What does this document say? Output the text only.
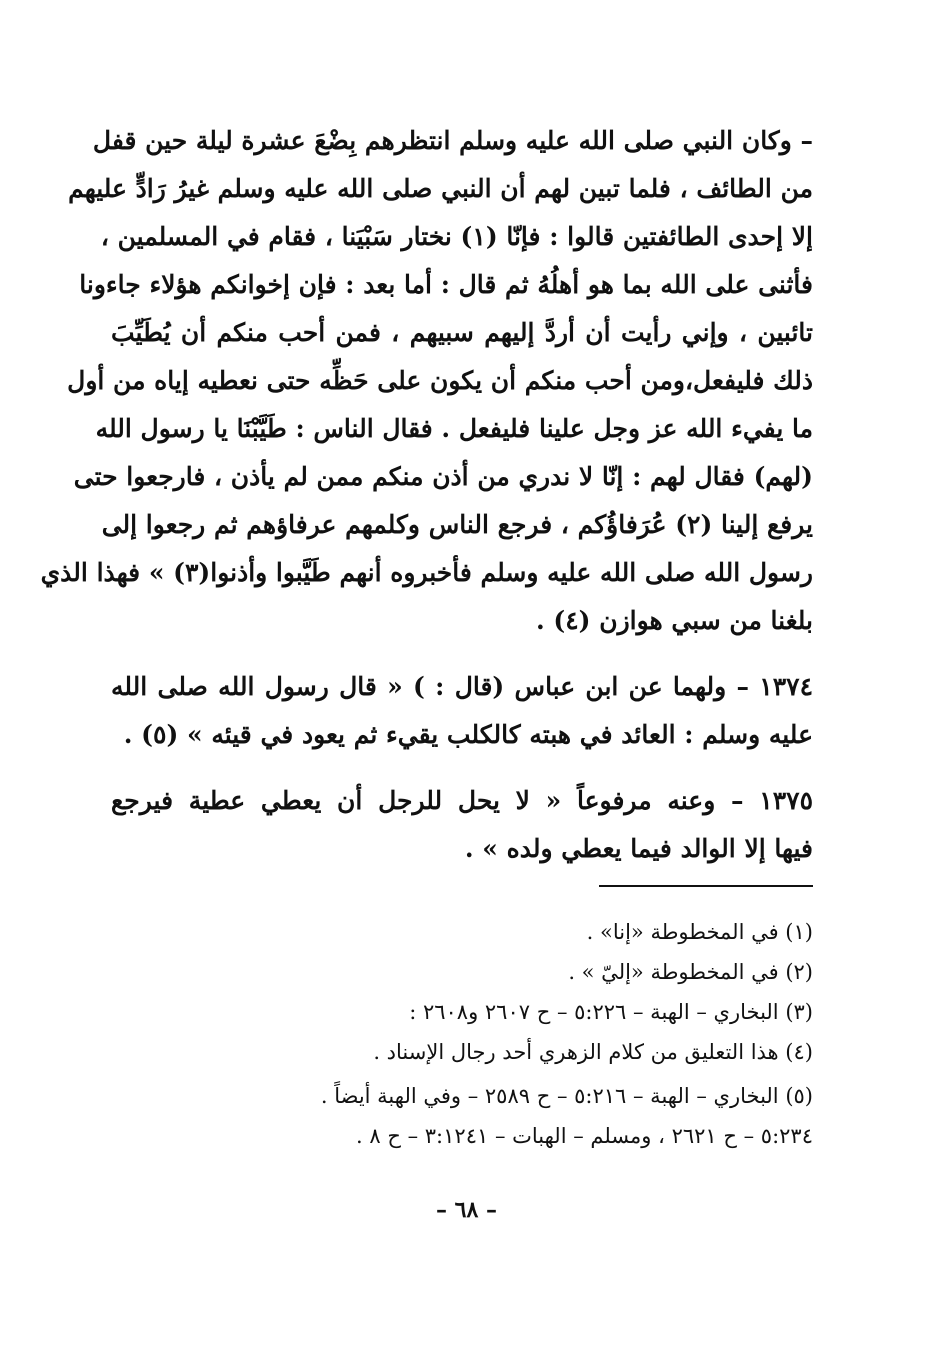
– وكان النبي صلى الله عليه وسلم انتظرهم بِضْعَ عشرة ليلة حين قفل
من الطائف ، فلما تبين لهم أن النبي صلى الله عليه وسلم غيرُ رَادٍّ عليهم
إلا إحدى الطائفتين قالوا : فإنّا (١) نختار سَبْيَنا ، فقام في المسلمين ،
فأثنى على الله بما هو أهلُهُ ثم قال : أما بعد : فإن إخوانكم هؤلاء جاءونا
تائبين ، وإني رأيت أن أردَّ إليهم سبيهم ، فمن أحب منكم أن يُطَيِّبَ
ذلك فليفعل،ومن أحب منكم أن يكون على حَظِّه حتى نعطيه إياه من أول
ما يفيء الله عز وجل علينا فليفعل . فقال الناس : طَيَّبْنَا يا رسول الله
(لهم) فقال لهم : إنّا لا ندري من أذن منكم ممن لم يأذن ، فارجعوا حتى
يرفع إلينا (٢) عُرَفاؤُكم ، فرجع الناس وكلمهم عرفاؤهم ثم رجعوا إلى
رسول الله صلى الله عليه وسلم فأخبروه أنهم طَيَّبوا وأذنوا(٣) » فهذا الذي
بلغنا من سبي هوازن (٤) .
١٣٧٤ – ولهما عن ابن عباس (قال : ) « قال رسول الله صلى الله
عليه وسلم : العائد في هبته كالكلب يقيء ثم يعود في قيئه » (٥) .
١٣٧٥ – وعنه مرفوعاً « لا يحل للرجل أن يعطي عطية فيرجع
فيها إلا الوالد فيما يعطي ولده » .
(١) في المخطوطة «إنا» .
(٢) في المخطوطة «إليّ » .
(٣) البخاري – الهبة – ٥:٢٢٦ – ح ٢٦٠٧ و٢٦٠٨ :
(٤) هذا التعليق من كلام الزهري أحد رجال الإسناد .
(٥) البخاري – الهبة – ٥:٢١٦ – ح ٢٥٨٩ – وفي الهبة أيضاً .
٥:٢٣٤ – ح ٢٦٢١ ، ومسلم – الهبات – ٣:١٢٤١ – ح ٨ .
– ٦٨ –
